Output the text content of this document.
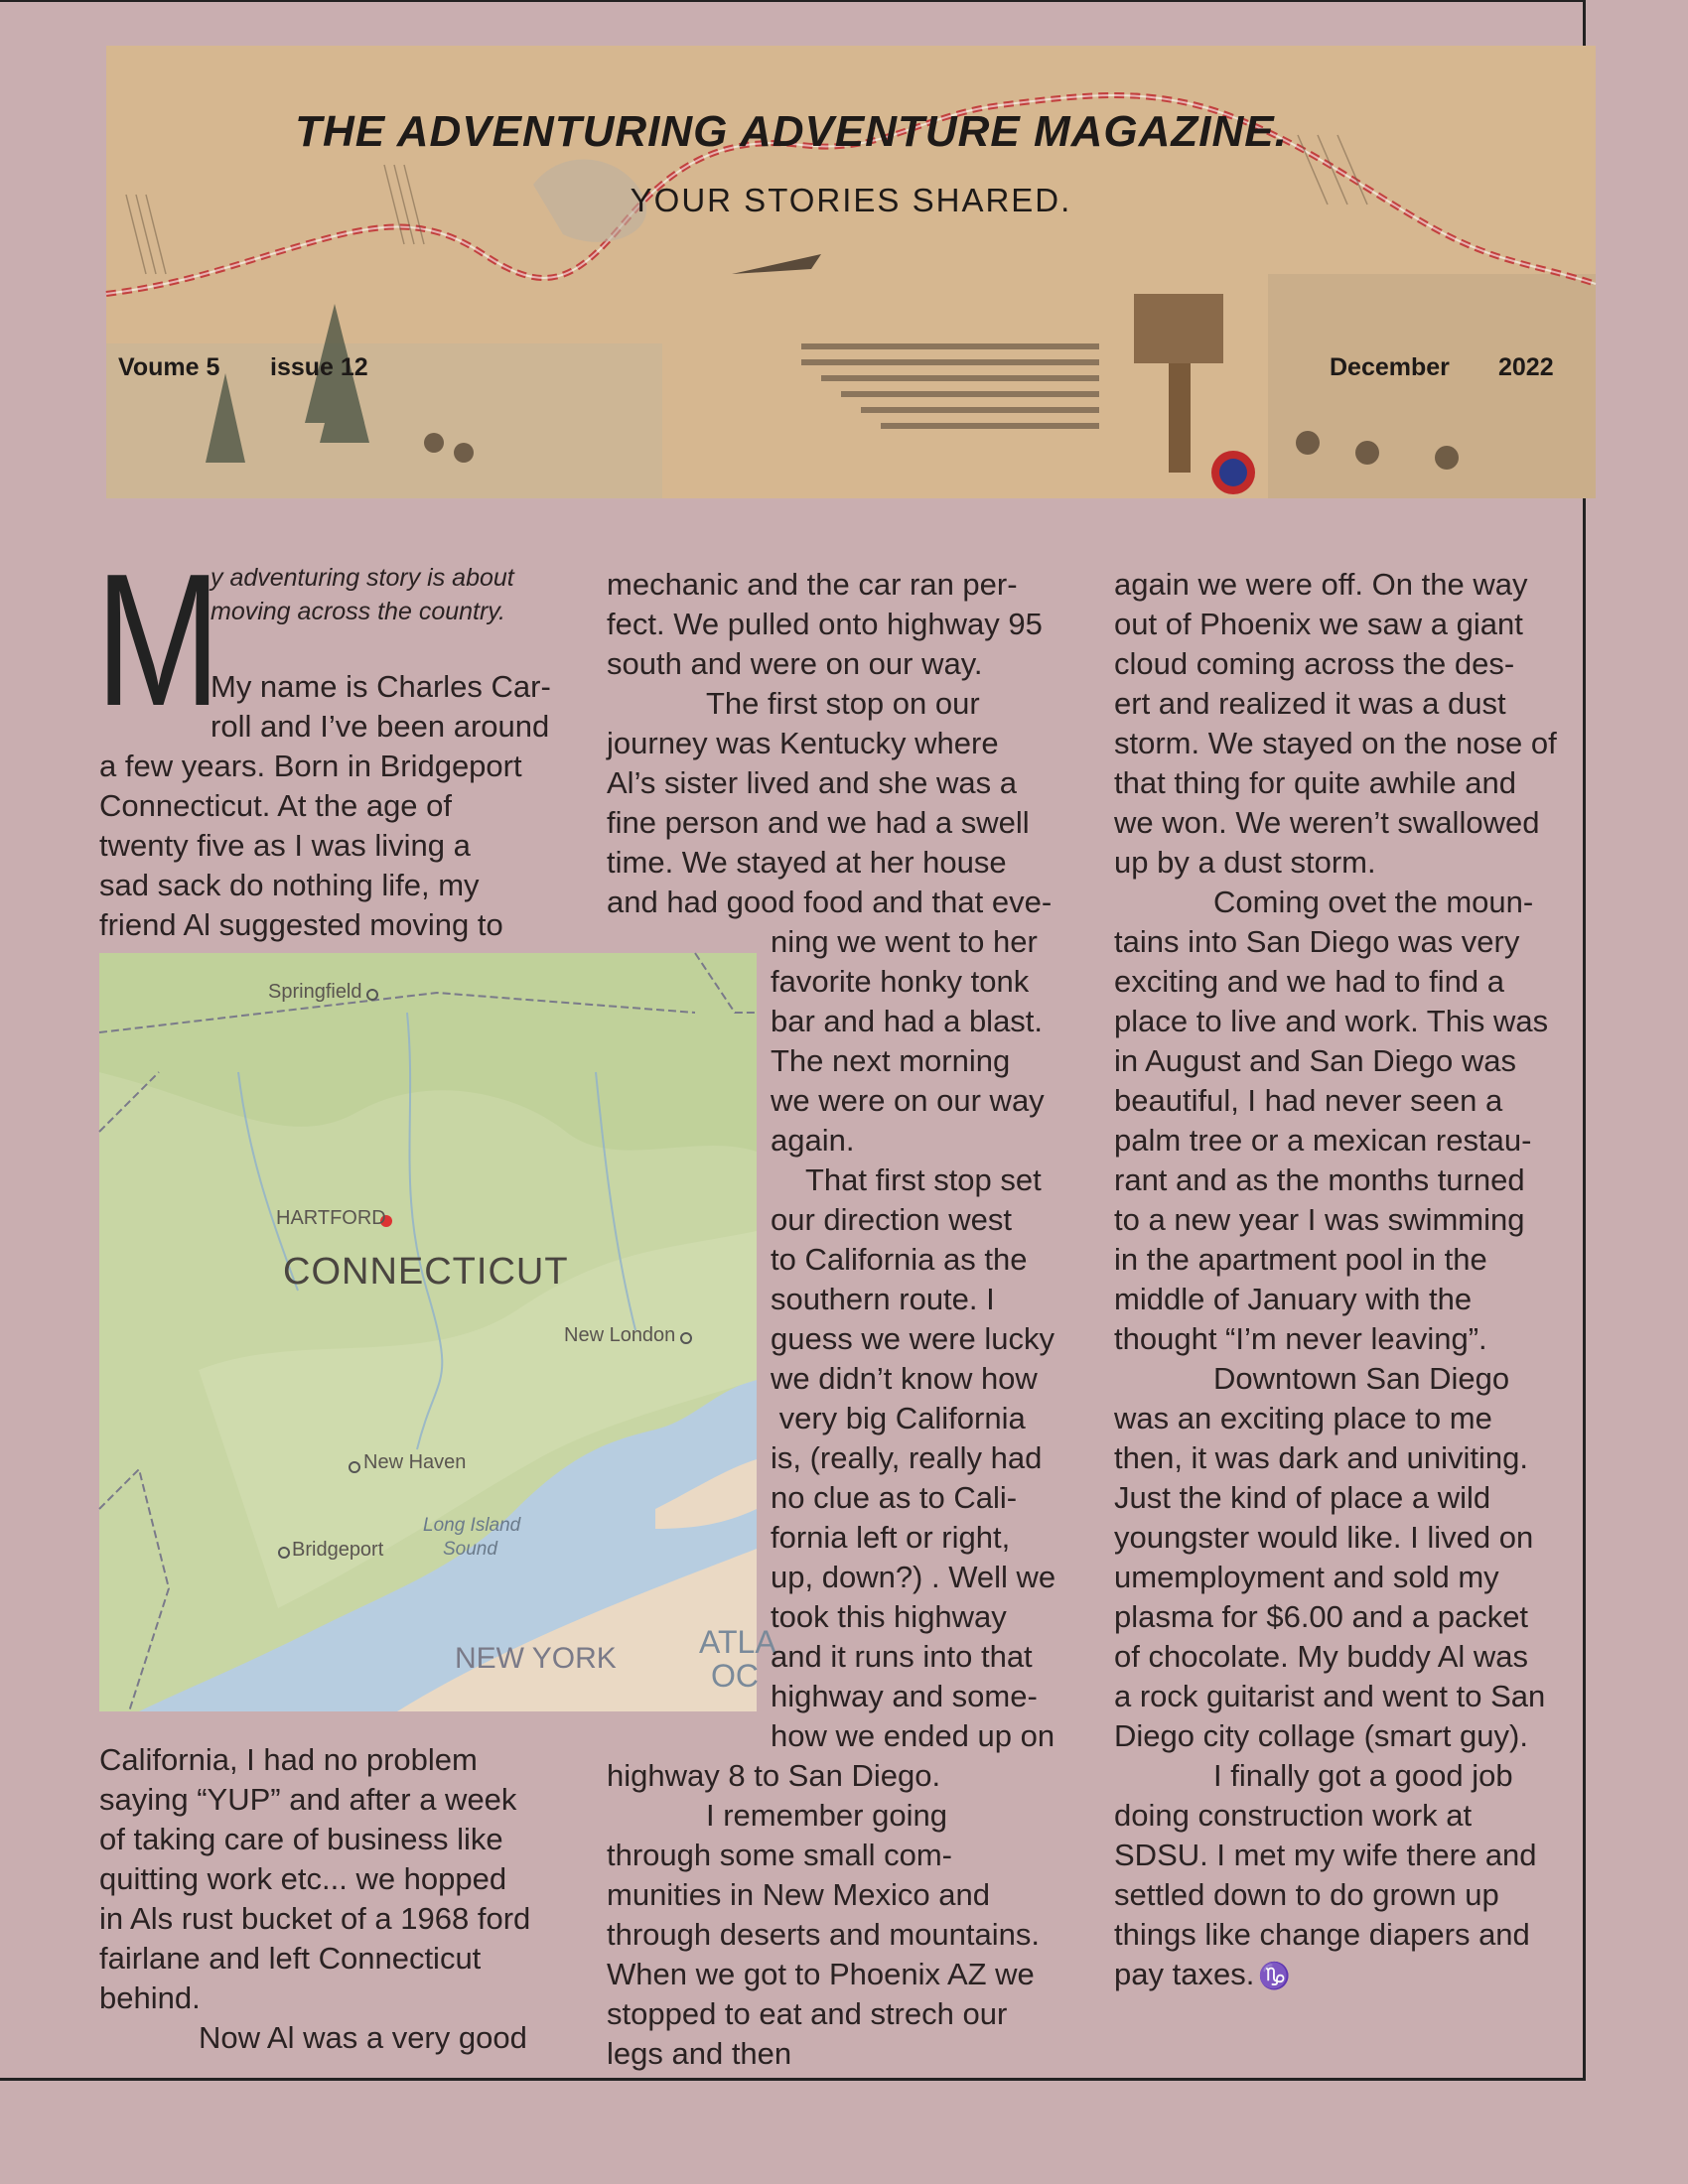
THE ADVENTURING ADVENTURE MAGAZINE.
YOUR STORIES SHARED.
Voume 5 issue 12	December 2022
M

y adventuring story is about

moving across the country.

My name is Charles Car-

roll and I’ve been around

a few years. Born in Bridgeport

Connecticut. At the age of

twenty five as I was living a

sad sack do nothing life, my

friend Al suggested moving to

Springfield
HARTFORD
CONNECTICUT
New London
New Haven
Bridgeport
Long Island
Sound
NEW YORK	ATLA
OC

California, I had no problem

saying “YUP” and after a week

of taking care of business like

quitting work etc... we hopped

in Als rust bucket of a 1968 ford

fairlane and left Connecticut

behind.

Now Al was a very good

mechanic and the car ran per-

fect. We pulled onto highway 95

south and were on our way.

The first stop on our

journey was Kentucky where

Al’s sister lived and she was a

fine person and we had a swell

time. We stayed at her house

and had good food and that eve-

ning we went to her

favorite honky tonk

bar and had a blast.

The next morning

we were on our way

again.

That first stop set

our direction west

to California as the

southern route. I

guess we were lucky

we didn’t know how

very big California

is, (really, really had

no clue as to Cali-

fornia left or right,

up, down?) . Well we

took this highway

and it runs into that

highway and some-

how we ended up on

highway 8 to San Diego.

I remember going

through some small com-

munities in New Mexico and

through deserts and mountains.

When we got to Phoenix AZ we

stopped to eat and strech our

legs and then

again we were off. On the way

out of Phoenix we saw a giant

cloud coming across the des-

ert and realized it was a dust

storm. We stayed on the nose of

that thing for quite awhile and

we won. We weren’t swallowed

up by a dust storm.

Coming ovet the moun-

tains into San Diego was very

exciting and we had to find a

place to live and work. This was

in August and San Diego was

beautiful, I had never seen a

palm tree or a mexican restau-

rant and as the months turned

to a new year I was swimming

in the apartment pool in the

middle of January with the

thought “I’m never leaving”.

Downtown San Diego

was an exciting place to me

then, it was dark and univiting.

Just the kind of place a wild

youngster would like. I lived on

umemployment and sold my

plasma for $6.00 and a packet

of chocolate. My buddy Al was

a rock guitarist and went to San

Diego city collage (smart guy).

I finally got a good job

doing construction work at

SDSU. I met my wife there and

settled down to do grown up

things like change diapers and

pay taxes. ♑
